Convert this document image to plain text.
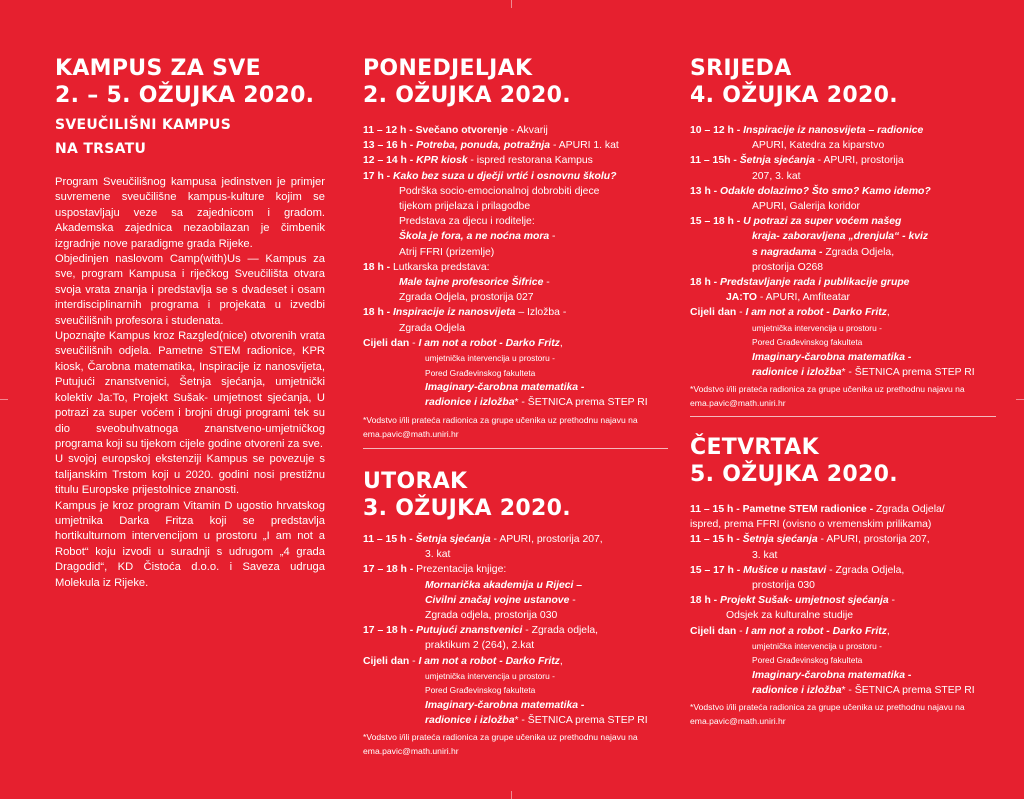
KAMPUS ZA SVE
2. – 5. OŽUJKA 2020.
SVEUČILIŠNI KAMPUS
NA TRSATU

Program Sveučilišnog kampusa jedinstven je primjer suvremene sveučilišne kampus-kulture kojim se uspostavljaju veze sa zajednicom i gradom. Akademska zajednica nezaobilazan je čimbenik izgradnje nove paradigme grada Rijeke.

Objedinjen naslovom Camp(with)Us — Kampus za sve, program Kampusa i riječkog Sveučilišta otvara svoja vrata znanja i predstavlja se s dvadeset i osam interdisciplinarnih programa i projekata u izvedbi sveučilišnih profesora i studenata.

Upoznajte Kampus kroz Razgled(nice) otvorenih vrata sveučilišnih odjela. Pametne STEM radionice, KPR kiosk, Čarobna matematika, Inspiracije iz nanosvijeta, Putujući znanstvenici, Šetnja sjećanja, umjetnički kolektiv Ja:To, Projekt Sušak- umjetnost sjećanja, U potrazi za super voćem i brojni drugi programi tek su dio sveobuhvatnoga znanstveno-umjetničkog programa koji su tijekom cijele godine otvoreni za sve.

U svojoj europskoj ekstenziji Kampus se povezuje s talijanskim Trstom koji u 2020. godini nosi prestižnu titulu Europske prijestolnice znanosti.

Kampus je kroz program Vitamin D ugostio hrvatskog umjetnika Darka Fritza koji se predstavlja hortikulturnom intervencijom u prostoru „I am not a Robot“ koju izvodi u suradnji s udrugom „4 grada Dragodid“, KD Čistoća d.o.o. i Saveza udruga Molekula iz Rijeke.

PONEDJELJAK
2. OŽUJKA 2020.

11 – 12 h - Svečano otvorenje - Akvarij

13 – 16 h - Potreba, ponuda, potražnja - APURI 1. kat

12 – 14 h - KPR kiosk - ispred restorana Kampus

17 h - Kako bez suza u dječji vrtić i osnovnu školu?
Podrška socio-emocionalnoj dobrobiti djece
tijekom prijelaza i prilagodbe
Predstava za djecu i roditelje:
Škola je fora, a ne noćna mora -
Atrij FFRI (prizemlje)

18 h - Lutkarska predstava:
Male tajne profesorice Šifrice -
Zgrada Odjela, prostorija 027

18 h - Inspiracije iz nanosvijeta – Izložba -
Zgrada Odjela

Cijeli dan - I am not a robot - Darko Fritz,
umjetnička intervencija u prostoru -
Pored Građevinskog fakulteta
Imaginary-čarobna matematika -
radionice i izložba* - ŠETNICA prema STEP RI

*Vodstvo i/ili prateća radionica za grupe učenika uz prethodnu najavu na ema.pavic@math.uniri.hr

UTORAK
3. OŽUJKA 2020.

11 – 15 h - Šetnja sjećanja - APURI, prostorija 207,
3. kat

17 – 18 h - Prezentacija knjige:
Mornarička akademija u Rijeci –
Civilni značaj vojne ustanove -
Zgrada odjela, prostorija 030

17 – 18 h - Putujući znanstvenici - Zgrada odjela,
praktikum 2 (264), 2.kat

Cijeli dan - I am not a robot - Darko Fritz,
umjetnička intervencija u prostoru -
Pored Građevinskog fakulteta
Imaginary-čarobna matematika -
radionice i izložba* - ŠETNICA prema STEP RI

*Vodstvo i/ili prateća radionica za grupe učenika uz prethodnu najavu na ema.pavic@math.uniri.hr

SRIJEDA
4. OŽUJKA 2020.

10 – 12 h - Inspiracije iz nanosvijeta – radionice
APURI, Katedra za kiparstvo

11 – 15h - Šetnja sjećanja - APURI, prostorija
207, 3. kat

13 h - Odakle dolazimo? Što smo? Kamo idemo?
APURI, Galerija koridor

15 – 18 h - U potrazi za super voćem našeg
kraja- zaboravljena „drenjula“ - kviz
s nagradama - Zgrada Odjela,
prostorija O268

18 h - Predstavljanje rada i publikacije grupe
JA:TO - APURI, Amfiteatar

Cijeli dan - I am not a robot - Darko Fritz,
umjetnička intervencija u prostoru -
Pored Građevinskog fakulteta
Imaginary-čarobna matematika -
radionice i izložba* - ŠETNICA prema STEP RI

*Vodstvo i/ili prateća radionica za grupe učenika uz prethodnu najavu na ema.pavic@math.uniri.hr

ČETVRTAK
5. OŽUJKA 2020.

11 – 15 h - Pametne STEM radionice - Zgrada Odjela/
ispred, prema FFRI (ovisno o vremenskim prilikama)

11 – 15 h - Šetnja sjećanja - APURI, prostorija 207,
3. kat

15 – 17 h - Mušice u nastavi - Zgrada Odjela,
prostorija 030

18 h - Projekt Sušak- umjetnost sjećanja -
Odsjek za kulturalne studije

Cijeli dan - I am not a robot - Darko Fritz,
umjetnička intervencija u prostoru -
Pored Građevinskog fakulteta
Imaginary-čarobna matematika -
radionice i izložba* - ŠETNICA prema STEP RI

*Vodstvo i/ili prateća radionica za grupe učenika uz prethodnu najavu na ema.pavic@math.uniri.hr
